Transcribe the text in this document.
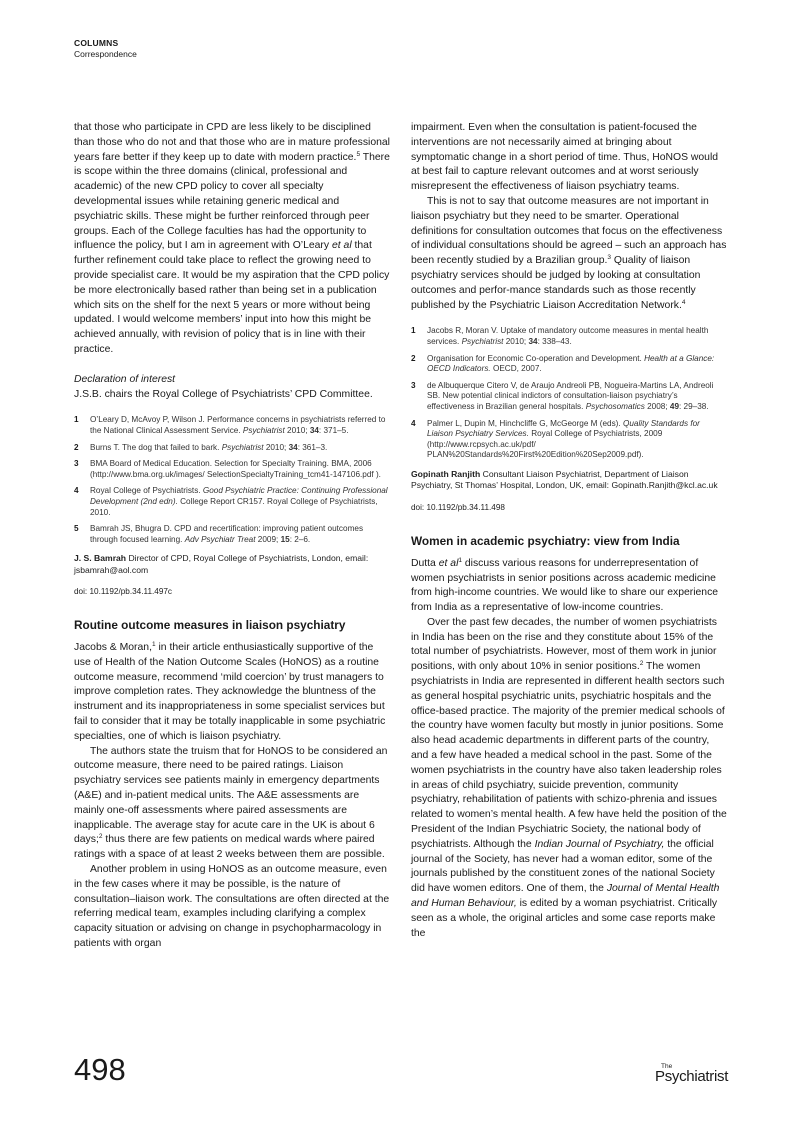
COLUMNS

Correspondence

that those who participate in CPD are less likely to be disciplined than those who do not and that those who are in mature professional years fare better if they keep up to date with modern practice.$^5$ There is scope within the three domains (clinical, professional and academic) of the new CPD policy to cover all specialty developmental issues while retaining generic medical and psychiatric skills. These might be further reinforced through peer groups. Each of the College faculties has had the opportunity to influence the policy, but I am in agreement with O’Leary et al that further refinement could take place to reflect the growing need to provide specialist care. It would be my aspiration that the CPD policy be more electronically based rather than being set in a publication which sits on the shelf for the next 5 years or more without being updated. I would welcome members’ input into how this might be achieved annually, with revision of policy that is in line with their practice.

Declaration of interest

J.S.B. chairs the Royal College of Psychiatrists’ CPD Committee.

1 O’Leary D, McAvoy P, Wilson J. Performance concerns in psychiatrists referred to the National Clinical Assessment Service. Psychiatrist 2010; 34: 371–5.
2 Burns T. The dog that failed to bark. Psychiatrist 2010; 34: 361–3.
3 BMA Board of Medical Education. Selection for Specialty Training. BMA, 2006 (http://www.bma.org.uk/images/ SelectionSpecialtyTraining_tcm41-147106.pdf ).
4 Royal College of Psychiatrists. Good Psychiatric Practice: Continuing Professional Development (2nd edn). College Report CR157. Royal College of Psychiatrists, 2010.
5 Bamrah JS, Bhugra D. CPD and recertification: improving patient outcomes through focused learning. Adv Psychiatr Treat 2009; 15: 2–6.

J. S. Bamrah Director of CPD, Royal College of Psychiatrists, London, email: jsbamrah@aol.com

doi: 10.1192/pb.34.11.497c

Routine outcome measures in liaison psychiatry

Jacobs & Moran,$^1$ in their article enthusiastically supportive of the use of Health of the Nation Outcome Scales (HoNOS) as a routine outcome measure, recommend ‘mild coercion’ by trust managers to improve completion rates. They acknowledge the bluntness of the instrument and its inappropriateness in some specialist services but fail to consider that it may be totally inapplicable in some psychiatric specialties, one of which is liaison psychiatry.

The authors state the truism that for HoNOS to be considered an outcome measure, there need to be paired ratings. Liaison psychiatry services see patients mainly in emergency departments (A&E) and in-patient medical units. The A&E assessments are mainly one-off assessments where paired assessments are inapplicable. The average stay for acute care in the UK is about 6 days;$^2$ thus there are few patients on medical wards where paired ratings with a space of at least 2 weeks between them are possible.

Another problem in using HoNOS as an outcome measure, even in the few cases where it may be possible, is the nature of consultation–liaison work. The consultations are often directed at the referring medical team, examples including clarifying a complex capacity situation or advising on change in psychopharmacology in patients with organ

impairment. Even when the consultation is patient-focused the interventions are not necessarily aimed at bringing about symptomatic change in a short period of time. Thus, HoNOS would at best fail to capture relevant outcomes and at worst seriously misrepresent the effectiveness of liaison psychiatry teams.

This is not to say that outcome measures are not important in liaison psychiatry but they need to be smarter. Operational definitions for consultation outcomes that focus on the effectiveness of individual consultations should be agreed – such an approach has been recently studied by a Brazilian group.$^3$ Quality of liaison psychiatry services should be judged by looking at consultation outcomes and perfor-mance standards such as those recently published by the Psychiatric Liaison Accreditation Network.$^4$

1 Jacobs R, Moran V. Uptake of mandatory outcome measures in mental health services. Psychiatrist 2010; 34: 338–43.
2 Organisation for Economic Co-operation and Development. Health at a Glance: OECD Indicators. OECD, 2007.
3 de Albuquerque Citero V, de Araujo Andreoli PB, Nogueira-Martins LA, Andreoli SB. New potential clinical indictors of consultation-liaison psychiatry’s effectiveness in Brazilian general hospitals. Psychosomatics 2008; 49: 29–38.
4 Palmer L, Dupin M, Hinchcliffe G, McGeorge M (eds). Quality Standards for Liaison Psychiatry Services. Royal College of Psychiatrists, 2009 (http://www.rcpsych.ac.uk/pdf/ PLAN%20Standards%20First%20Edition%20Sep2009.pdf).

Gopinath Ranjith Consultant Liaison Psychiatrist, Department of Liaison Psychiatry, St Thomas’ Hospital, London, UK, email: Gopinath.Ranjith@kcl.ac.uk

doi: 10.1192/pb.34.11.498

Women in academic psychiatry: view from India

Dutta et $al^1$ discuss various reasons for underrepresentation of women psychiatrists in senior positions across academic medicine from high-income countries. We would like to share our experience from India as a representative of low-income countries.

Over the past few decades, the number of women psychiatrists in India has been on the rise and they constitute about 15% of the total number of psychiatrists. However, most of them work in junior positions, with only about 10% in senior positions.$^2$ The women psychiatrists in India are represented in different health sectors such as general hospital psychiatric units, psychiatric hospitals and the office-based practice. The majority of the premier medical schools of the country have women faculty but mostly in junior positions. Some also head academic departments in different parts of the country, and a few have headed a medical school in the past. Some of the women psychiatrists in the country have also taken leadership roles in areas of child psychiatry, suicide prevention, community psychiatry, rehabilitation of patients with schizo-phrenia and issues related to women’s mental health. A few have held the position of the President of the Indian Psychiatric Society, the national body of psychiatrists. Although the Indian Journal of Psychiatry, the official journal of the Society, has never had a woman editor, some of the journals published by the constituent zones of the national Society did have women editors. One of them, the Journal of Mental Health and Human Behaviour, is edited by a woman psychiatrist. Critically seen as a whole, the original articles and some case reports make the

498	The
Psychiatrist
